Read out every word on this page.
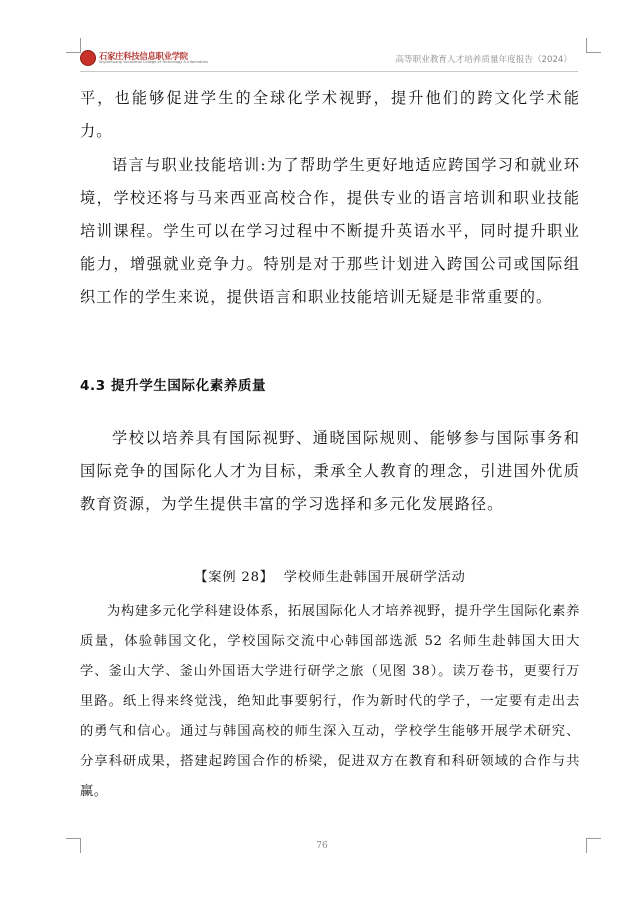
石家庄科技信息职业学院
Shijiazhuang Vocational College of Technology & Information	高等职业教育人才培养质量年度报告（2024）

平，也能够促进学生的全球化学术视野，提升他们的跨文化学术能力。

语言与职业技能培训:为了帮助学生更好地适应跨国学习和就业环境，学校还将与马来西亚高校合作，提供专业的语言培训和职业技能培训课程。学生可以在学习过程中不断提升英语水平，同时提升职业能力，增强就业竞争力。特别是对于那些计划进入跨国公司或国际组织工作的学生来说，提供语言和职业技能培训无疑是非常重要的。

4.3 提升学生国际化素养质量

学校以培养具有国际视野、通晓国际规则、能够参与国际事务和国际竞争的国际化人才为目标，秉承全人教育的理念，引进国外优质教育资源，为学生提供丰富的学习选择和多元化发展路径。

【案例 28】 学校师生赴韩国开展研学活动

为构建多元化学科建设体系，拓展国际化人才培养视野，提升学生国际化素养质量，体验韩国文化，学校国际交流中心韩国部选派 52 名师生赴韩国大田大学、釜山大学、釜山外国语大学进行研学之旅（见图 38）。读万卷书，更要行万里路。纸上得来终觉浅，绝知此事要躬行，作为新时代的学子，一定要有走出去的勇气和信心。通过与韩国高校的师生深入互动，学校学生能够开展学术研究、分享科研成果，搭建起跨国合作的桥梁，促进双方在教育和科研领域的合作与共赢。

76
